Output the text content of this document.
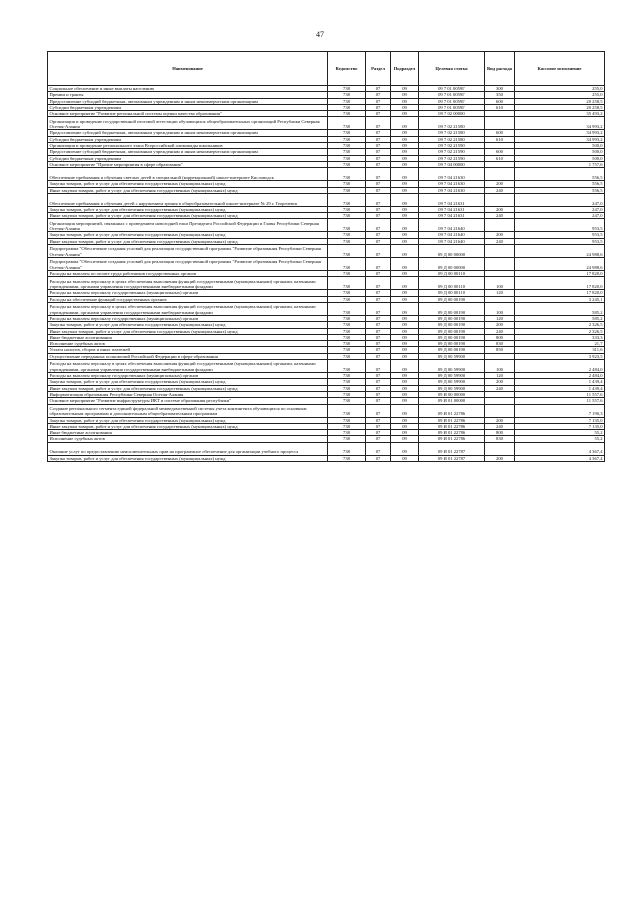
47
Наименование	Ведомство	Раздел	Подраздел	Целевая статья	Вид расхода	Кассовое исполнение
Социальное обеспечение и иные выплаты населению	738	07	09	09 7 01 0059Г	300	255,0
Премии и гранты	738	07	09	09 7 01 0059Г	350	255,0
Предоставление субсидий бюджетным, автономным учреждениям и иным некоммерческим организациям	738	07	09	09 7 01 0059Г	600	20 258,5
Субсидии бюджетным учреждениям	738	07	09	09 7 01 0059Г	610	20 258,5
Основное мероприятие "Развитие региональной системы оценки качества образования"	738	07	09	09 7 02 00000		35 493,2
Организация и проведение государственной итоговой аттестации обучающихся общеобразовательных организаций Республики Северная Осетия-Алания	738	07	09	09 7 02 21580		34 993,2
Предоставление субсидий бюджетным, автономным учреждениям и иным некоммерческим организациям	738	07	09	09 7 02 21580	600	34 993,2
Субсидии бюджетным учреждениям	738	07	09	09 7 02 21580	610	34 993,2
Организация и проведение регионального этапа Всероссийской олимпиады школьников	738	07	09	09 7 02 21590		500,0
Предоставление субсидий бюджетным, автономным учреждениям и иным некоммерческим организациям	738	07	09	09 7 02 21590	600	500,0
Субсидии бюджетным учреждениям	738	07	09	09 7 02 21590	610	500,0
Основное мероприятие "Прочие мероприятия в сфере образования"	738	07	09	09 7 04 00000		1 757,6
Обеспечение пребывания и обучения светлых детей в специальной (коррекционной) школе-интернате Кисловодск	738	07	09	09 7 04 21630		556,5
Закупка товаров, работ и услуг для обеспечения государственных (муниципальных) нужд	738	07	09	09 7 04 21630	200	556,5
Иные закупки товаров, работ и услуг для обеспечения государственных (муниципальных) нужд	738	07	09	09 7 04 21630	240	556,5
Обеспечение пребывания и обучения детей с нарушением зрения в общеобразовательной школе-интернате № 29 г. Георгиевск	738	07	09	09 7 04 21631		247,0
Закупка товаров, работ и услуг для обеспечения государственных (муниципальных) нужд	738	07	09	09 7 04 21631	200	247,0
Иные закупки товаров, работ и услуг для обеспечения государственных (муниципальных) нужд	738	07	09	09 7 04 21631	240	247,0
Организация мероприятий, связанных с проведением новогодней елки Президента Российской Федерации и Главы Республики Северная Осетия-Алания	738	07	09	09 7 04 21640		953,5
Закупка товаров, работ и услуг для обеспечения государственных (муниципальных) нужд	738	07	09	09 7 04 21640	200	953,5
Иные закупки товаров, работ и услуг для обеспечения государственных (муниципальных) нужд	738	07	09	09 7 04 21640	240	953,5
Подпрограмма "Обеспечение создания условий для реализации государственной программы "Развитие образования Республики Северная Осетия-Алания"	738	07	09	09 Д 00 00000		24 988,6
Подпрограмма "Обеспечение создания условий для реализации государственной программы "Развитие образования Республики Северная Осетия-Алания"	738	07	09	09 Д 00 00000		24 988,6
Расходы на выплаты по оплате труда работников государственных органов	738	07	09	09 Д 00 00110		17 820,0
Расходы на выплаты персоналу в целях обеспечения выполнения функций государственными (муниципальными) органами, казенными учреждениями, органами управления государственными внебюджетными фондами	738	07	09	09 Д 00 00110	100	17 820,0
Расходы на выплаты персоналу государственных (муниципальных) органов	738	07	09	09 Д 00 00110	120	17 820,0
Расходы на обеспечение функций государственных органов	738	07	09	09 Д 00 00190		3 245,1
Расходы на выплаты персоналу в целях обеспечения выполнения функций государственными (муниципальными) органами, казенными учреждениями, органами управления государственными внебюджетными фондами	738	07	09	09 Д 00 00190	100	585,2
Расходы на выплаты персоналу государственных (муниципальных) органов	738	07	09	09 Д 00 00190	120	585,2
Закупка товаров, работ и услуг для обеспечения государственных (муниципальных) нужд	738	07	09	09 Д 00 00190	200	2 326,5
Иные закупки товаров, работ и услуг для обеспечения государственных (муниципальных) нужд	738	07	09	09 Д 00 00190	240	2 326,5
Иные бюджетные ассигнования	738	07	09	09 Д 00 00190	800	333,3
Исполнение судебных актов	738	07	09	09 Д 00 00190	830	21,7
Уплата налогов, сборов и иных платежей	738	07	09	09 Д 00 00190	850	311,6
Осуществление переданных полномочий Российской Федерации в сфере образования	738	07	09	09 Д 00 59900		3 923,5
Расходы на выплаты персоналу в целях обеспечения выполнения функций государственными (муниципальными) органами, казенными учреждениями, органами управления государственными внебюджетными фондами	738	07	09	09 Д 00 59900	100	2 484,0
Расходы на выплаты персоналу государственных (муниципальных) органов	738	07	09	09 Д 00 59900	120	2 484,0
Закупка товаров, работ и услуг для обеспечения государственных (муниципальных) нужд	738	07	09	09 Д 00 59900	200	1 439,4
Иные закупки товаров, работ и услуг для обеспечения государственных (муниципальных) нужд	738	07	09	09 Д 00 59900	240	1 439,4
Информатизация образования Республики Северная Осетия-Алания	738	07	09	09 И 00 00000		11 557,6
Основное мероприятие "Развитие инфраструктуры ИКТ в системе образования республики"	738	07	09	09 И 01 00000		11 557,6
Создание регионального сегмента единой федеральной межведомственной системы учета контингента обучающихся по основным образовательным программам и дополнительным общеобразовательным программам	738	07	09	09 И 01 22786		7 190,3
Закупка товаров, работ и услуг для обеспечения государственных (муниципальных) нужд	738	07	09	09 И 01 22786	200	7 135,0
Иные закупки товаров, работ и услуг для обеспечения государственных (муниципальных) нужд	738	07	09	09 И 01 22786	240	7 135,0
Иные бюджетные ассигнования	738	07	09	09 И 01 22786	800	55,2
Исполнение судебных актов	738	07	09	09 И 01 22786	830	55,2
Оказание услуг по предоставлению неисключительных прав на программное обеспечение для организации учебного процесса	738	07	09	09 И 01 22787		4 367,4
Закупка товаров, работ и услуг для обеспечения государственных (муниципальных) нужд	738	07	09	09 И 01 22787	200	4 367,4
